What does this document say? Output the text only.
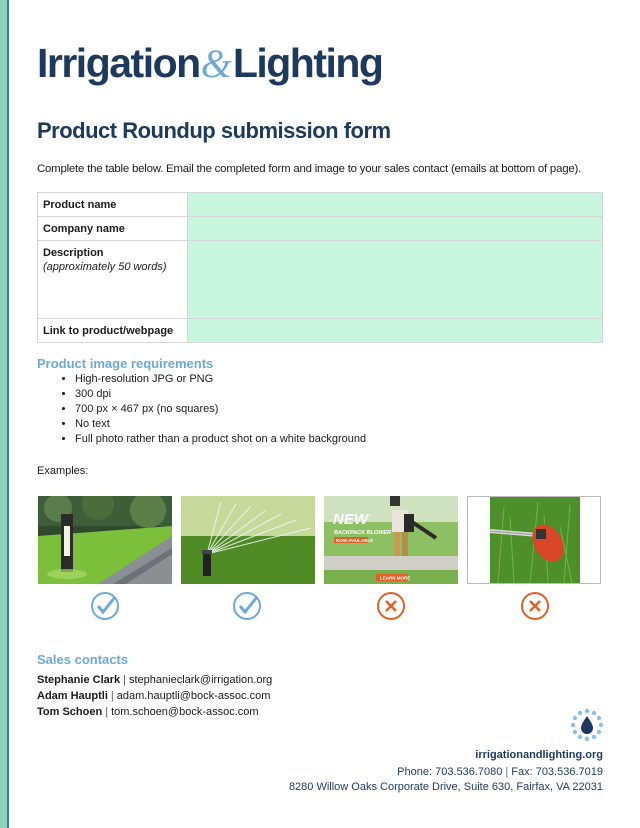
Irrigation&Lighting
Product Roundup submission form
Complete the table below. Email the completed form and image to your sales contact (emails at bottom of page).
Product name	
Company name	
Description
(approximately 50 words)	

Link to product/webpage	
Product image requirements
• High-resolution JPG or PNG
• 300 dpi
• 700 px × 467 px (no squares)
• No text
• Full photo rather than a product shot on a white background
Examples:
NEW
BACKPACK BLOWER
NOW AVAILABLE
LEARN MORE
Sales contacts
Stephanie Clark | stephanieclark@irrigation.org
Adam Hauptli | adam.hauptli@bock-assoc.com
Tom Schoen | tom.schoen@bock-assoc.com
irrigationandlighting.org
Phone: 703.536.7080 | Fax: 703.536.7019
8280 Willow Oaks Corporate Drive, Suite 630, Fairfax, VA 22031
